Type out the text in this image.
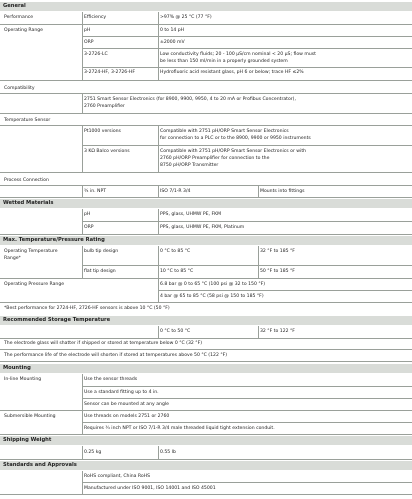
General
Performance	Efficiency	>97% @ 25 °C (77 °F)
Operating Range	pH	0 to 14 pH
ORP	±2000 mV
3-2726-LC	Low conductivity fluids; 20 - 100 μS/cm nominal < 20 μS; flow must
be less than 150 ml/min in a properly grounded system
3-2724-HF, 3-2726-HF	Hydrofluoric acid resistant glass, pH 6 or below; trace HF ≤2%
Compatibility
2751 Smart Sensor Electronics (for 8900, 9900, 9950, 4 to 20 mA or Profibus Concentrator),
2760 Preamplifier
Temperature Sensor
Pt1000 versions	Compatible with 2751 pH/ORP Smart Sensor Electronics
for connection to a PLC or to the 8900, 9900 or 9950 instruments
3 KΩ Balco versions	Compatible with 2751 pH/ORP Smart Sensor Electronics or with
2760 pH/ORP Preamplifier for connection to the
8750 pH/ORP Transmitter
Process Connection
¾ in. NPT	ISO 7/1-R 3/4	Mounts into fittings
Wetted Materials
pH	PPS, glass, UHMW PE, FKM
ORP	PPS, glass, UHMW PE, FKM, Platinum
Max. Temperature/Pressure Rating
Operating Temperature
Range*
bulb tip design	0 °C to 85 °C	32 °F to 185 °F
flat tip design	10 °C to 85 °C	50 °F to 185 °F
Operating Pressure Range	6.8 bar @ 0 to 65 °C (100 psi @ 32 to 150 °F)
4 bar @ 65 to 85 °C (58 psi @ 150 to 185 °F)
*Best performance for 2724-HF, 2726-HF sensors is above 10 °C (50 °F)
Recommended Storage Temperature
0 °C to 50 °C	32 °F to 122 °F
The electrode glass will shatter if shipped or stored at temperature below 0 °C (32 °F)
The performance life of the electrode will shorten if stored at temperatures above 50 °C (122 °F)
Mounting
In-line Mounting	Use the sensor threads
Use a standard fitting up to 4 in.
Sensor can be mounted at any angle
Submersible Mounting	Use threads on models 2751 or 2760
Requires ¾ inch NPT or ISO 7/1-R 3/4 male threaded liquid tight extension conduit.
Shipping Weight
0.25 kg	0.55 lb
Standards and Approvals
RoHS compliant, China RoHS
Manufactured under ISO 9001, ISO 14001 and ISO 45001
